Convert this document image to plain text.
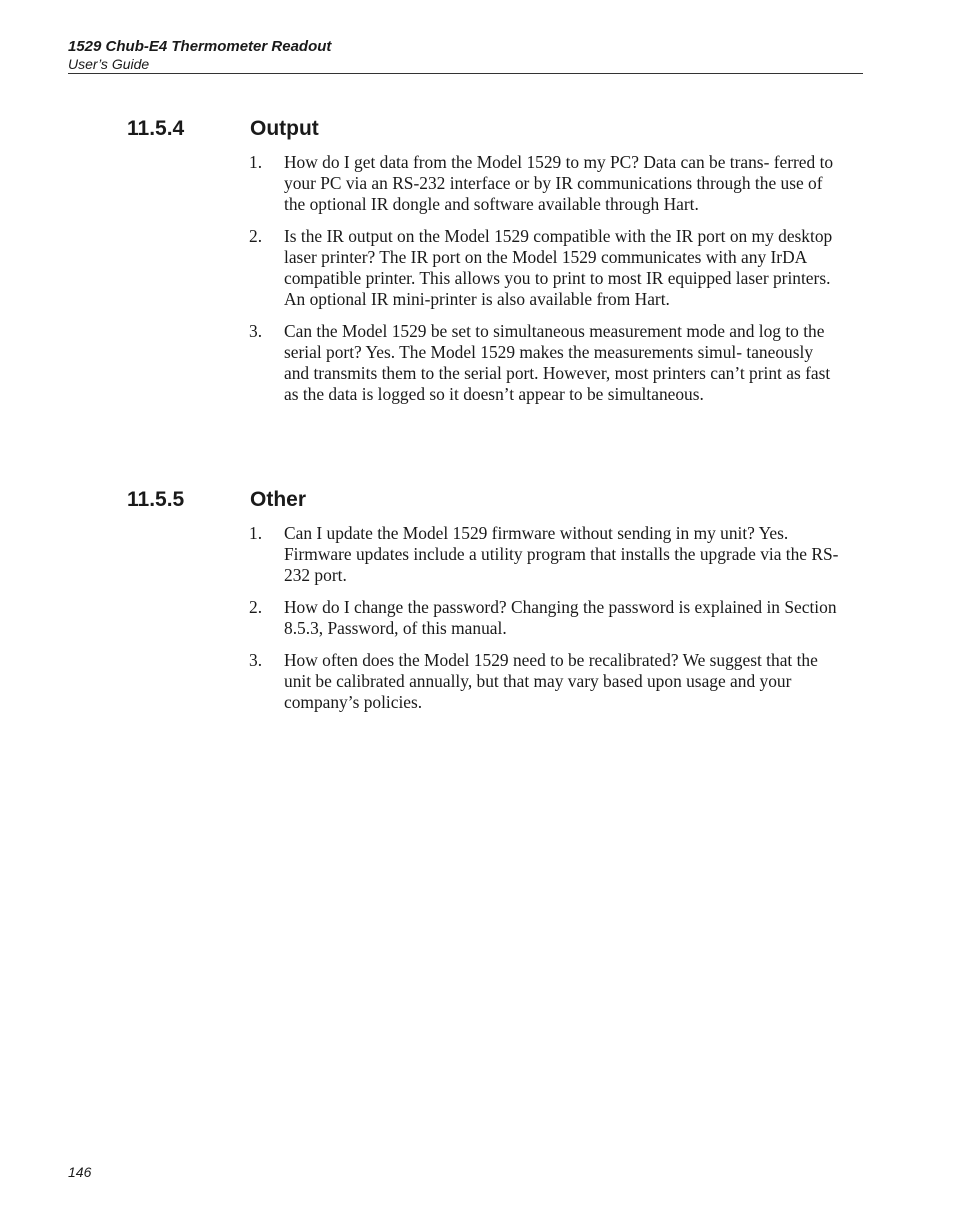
1529 Chub-E4 Thermometer Readout
User’s Guide
11.5.4	Output
1. How do I get data from the Model 1529 to my PC? Data can be trans- ferred to your PC via an RS-232 interface or by IR communications through the use of the optional IR dongle and software available through Hart.
2. Is the IR output on the Model 1529 compatible with the IR port on my desktop laser printer? The IR port on the Model 1529 communicates with any IrDA compatible printer. This allows you to print to most IR equipped laser printers. An optional IR mini-printer is also available from Hart.
3. Can the Model 1529 be set to simultaneous measurement mode and log to the serial port? Yes. The Model 1529 makes the measurements simul- taneously and transmits them to the serial port. However, most printers can’t print as fast as the data is logged so it doesn’t appear to be simultaneous.
11.5.5	Other
1. Can I update the Model 1529 firmware without sending in my unit? Yes. Firmware updates include a utility program that installs the upgrade via the RS-232 port.
2. How do I change the password? Changing the password is explained in Section 8.5.3, Password, of this manual.
3. How often does the Model 1529 need to be recalibrated? We suggest that the unit be calibrated annually, but that may vary based upon usage and your company’s policies.
146
